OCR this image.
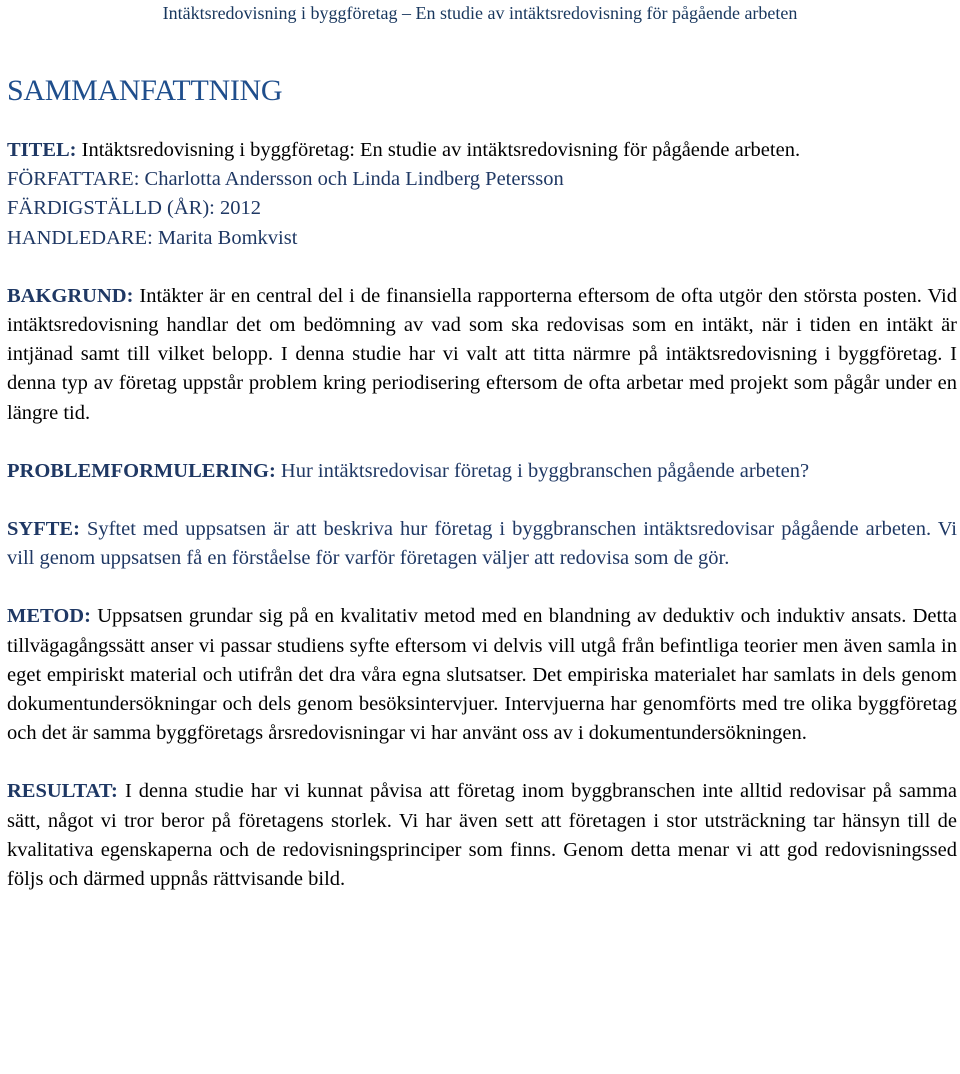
Intäktsredovisning i byggföretag – En studie av intäktsredovisning för pågående arbeten
SAMMANFATTNING

TITEL: Intäktsredovisning i byggföretag: En studie av intäktsredovisning för pågående arbeten.

FÖRFATTARE: Charlotta Andersson och Linda Lindberg Petersson

FÄRDIGSTÄLLD (ÅR): 2012

HANDLEDARE: Marita Bomkvist

BAKGRUND: Intäkter är en central del i de finansiella rapporterna eftersom de ofta utgör den största posten. Vid intäktsredovisning handlar det om bedömning av vad som ska redovisas som en intäkt, när i tiden en intäkt är intjänad samt till vilket belopp. I denna studie har vi valt att titta närmre på intäktsredovisning i byggföretag. I denna typ av företag uppstår problem kring periodisering eftersom de ofta arbetar med projekt som pågår under en längre tid.

PROBLEMFORMULERING: Hur intäktsredovisar företag i byggbranschen pågående arbeten?

SYFTE: Syftet med uppsatsen är att beskriva hur företag i byggbranschen intäktsredovisar pågående arbeten. Vi vill genom uppsatsen få en förståelse för varför företagen väljer att redovisa som de gör.

METOD: Uppsatsen grundar sig på en kvalitativ metod med en blandning av deduktiv och induktiv ansats. Detta tillvägagångssätt anser vi passar studiens syfte eftersom vi delvis vill utgå från befintliga teorier men även samla in eget empiriskt material och utifrån det dra våra egna slutsatser. Det empiriska materialet har samlats in dels genom dokumentundersökningar och dels genom besöksintervjuer. Intervjuerna har genomförts med tre olika byggföretag och det är samma byggföretags årsredovisningar vi har använt oss av i dokumentundersökningen.

RESULTAT: I denna studie har vi kunnat påvisa att företag inom byggbranschen inte alltid redovisar på samma sätt, något vi tror beror på företagens storlek. Vi har även sett att företagen i stor utsträckning tar hänsyn till de kvalitativa egenskaperna och de redovisningsprinciper som finns. Genom detta menar vi att god redovisningssed följs och därmed uppnås rättvisande bild.
